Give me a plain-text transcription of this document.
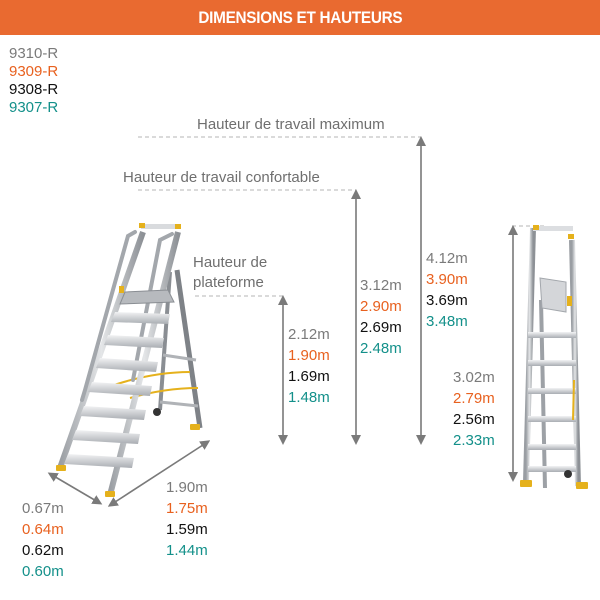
DIMENSIONS ET HAUTEURS
9310-R
9309-R
9308-R
9307-R
Hauteur de travail maximum
Hauteur de travail confortable
Hauteur de
plateforme
2.12m
1.90m
1.69m
1.48m
3.12m
2.90m
2.69m
2.48m
4.12m
3.90m
3.69m
3.48m
3.02m
2.79m
2.56m
2.33m
0.67m
0.64m
0.62m
0.60m
1.90m
1.75m
1.59m
1.44m
